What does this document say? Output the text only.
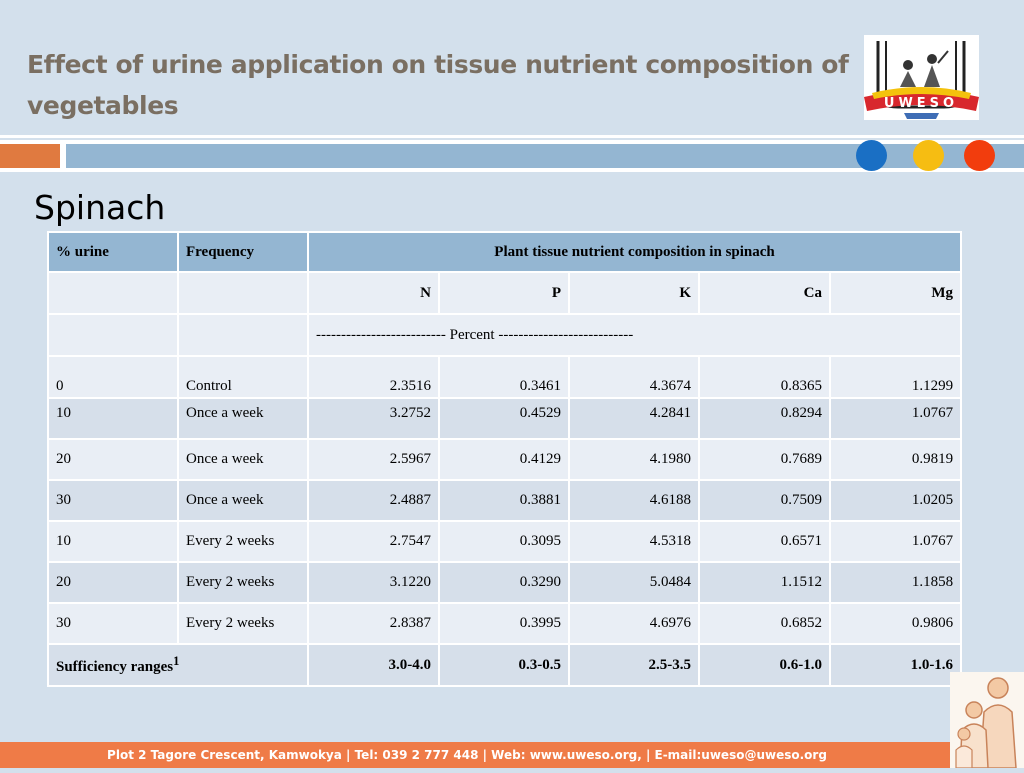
Effect of urine application on tissue nutrient composition of vegetables	UWESO
Spinach
% urine	Frequency	Plant tissue nutrient composition in spinach				
		N	P	K	Ca	Mg
		-------------------------- Percent ---------------------------				
0	Control	2.3516	0.3461	4.3674	0.8365	1.1299
10	Once a week	3.2752	0.4529	4.2841	0.8294	1.0767
20	Once a week	2.5967	0.4129	4.1980	0.7689	0.9819
30	Once a week	2.4887	0.3881	4.6188	0.7509	1.0205
10	Every 2 weeks	2.7547	0.3095	4.5318	0.6571	1.0767
20	Every 2 weeks	3.1220	0.3290	5.0484	1.1512	1.1858
30	Every 2 weeks	2.8387	0.3995	4.6976	0.6852	0.9806
Sufficiency ranges$^1$		3.0-4.0	0.3-0.5	2.5-3.5	0.6-1.0	1.0-1.6
Plot 2 Tagore Crescent, Kamwokya | Tel: 039 2 777 448 | Web: www.uweso.org, | E-mail:uweso@uweso.org
